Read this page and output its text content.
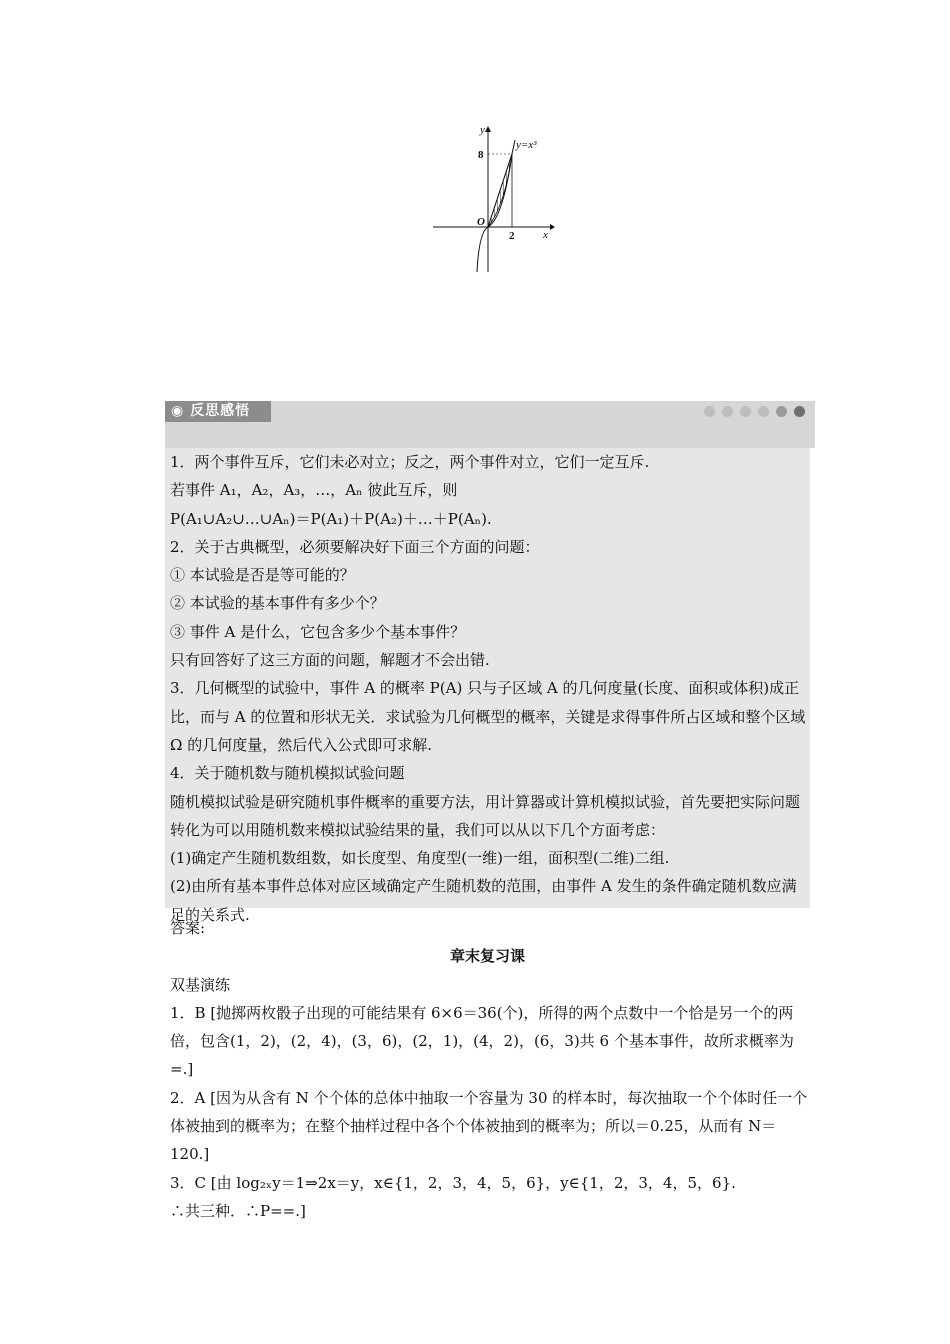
y
x
O
y=x³
8
2
◉ 反思感悟

1．两个事件互斥，它们未必对立；反之，两个事件对立，它们一定互斥.

若事件 A₁，A₂，A₃，…，Aₙ 彼此互斥，则

P(A₁∪A₂∪…∪Aₙ)＝P(A₁)＋P(A₂)＋…＋P(Aₙ).

2．关于古典概型，必须要解决好下面三个方面的问题：

① 本试验是否是等可能的？

② 本试验的基本事件有多少个？

③ 事件 A 是什么，它包含多少个基本事件？

只有回答好了这三方面的问题，解题才不会出错.

3．几何概型的试验中，事件 A 的概率 P(A) 只与子区域 A 的几何度量(长度、面积或体积)成正比，而与 A 的位置和形状无关．求试验为几何概型的概率，关键是求得事件所占区域和整个区域 Ω 的几何度量，然后代入公式即可求解.

4．关于随机数与随机模拟试验问题

随机模拟试验是研究随机事件概率的重要方法，用计算器或计算机模拟试验，首先要把实际问题转化为可以用随机数来模拟试验结果的量，我们可以从以下几个方面考虑：

(1)确定产生随机数组数，如长度型、角度型(一维)一组，面积型(二维)二组.

(2)由所有基本事件总体对应区域确定产生随机数的范围，由事件 A 发生的条件确定随机数应满足的关系式.

答案:

章末复习课

双基演练

1．B [抛掷两枚骰子出现的可能结果有 6×6＝36(个)，所得的两个点数中一个恰是另一个的两倍，包含(1，2)，(2，4)，(3，6)，(2，1)，(4，2)，(6，3)共 6 个基本事件，故所求概率为=.]

2．A [因为从含有 N 个个体的总体中抽取一个容量为 30 的样本时，每次抽取一个个体时任一个体被抽到的概率为；在整个抽样过程中各个个体被抽到的概率为；所以＝0.25，从而有 N＝120.]

3．C [由 log₂ₓy＝1⇒2x＝y，x∈{1，2，3，4，5，6}，y∈{1，2，3，4，5，6}.

∴共三种．∴P==.]
